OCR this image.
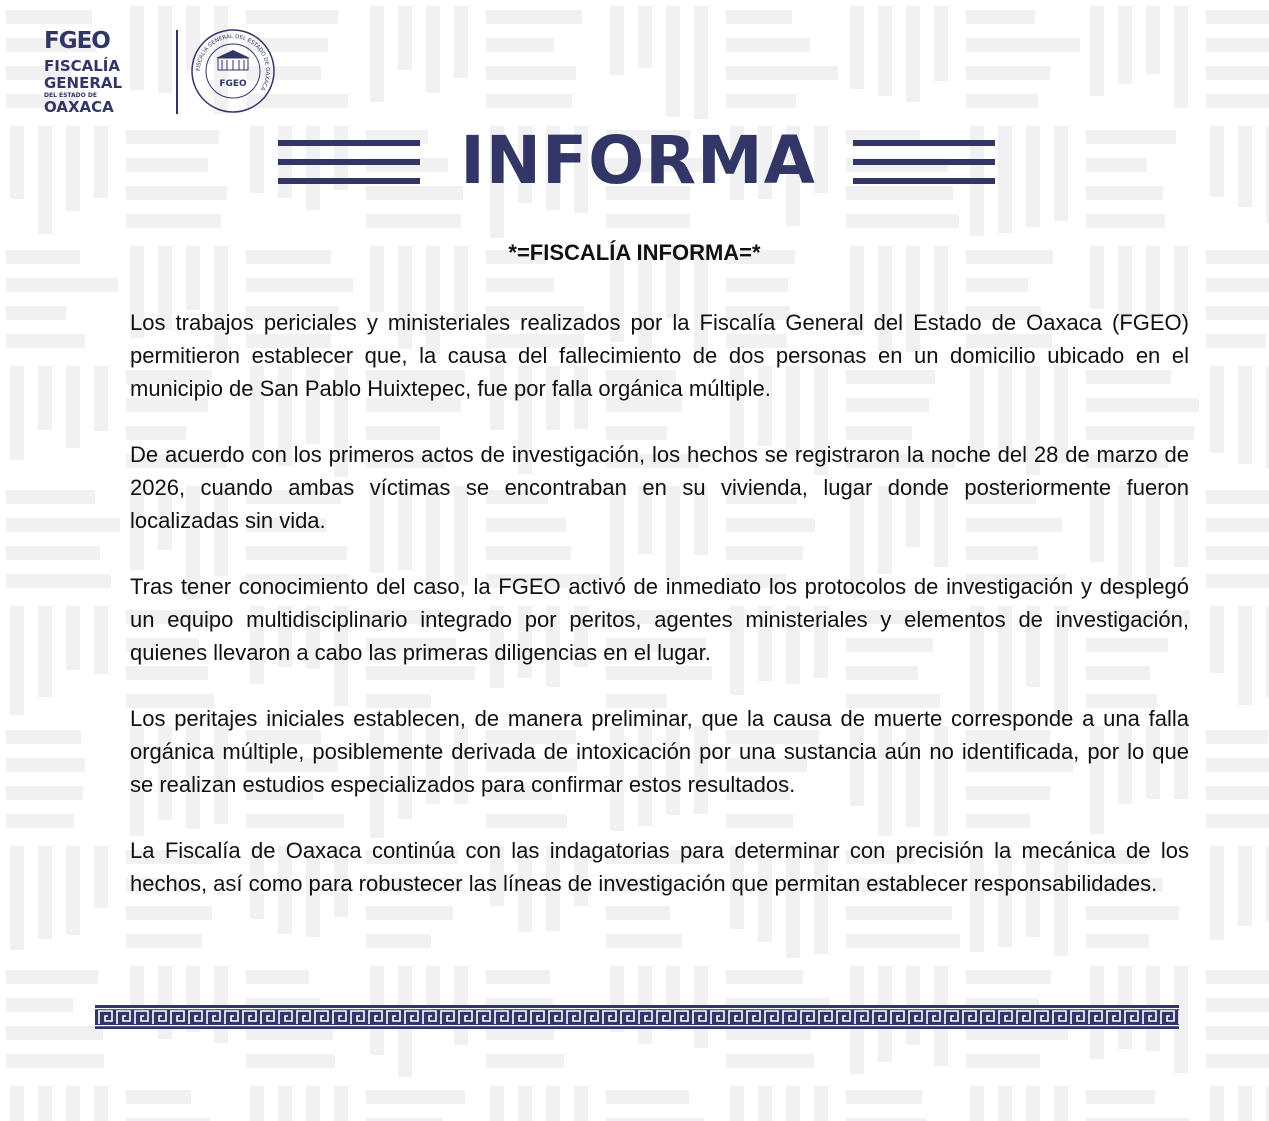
FGEO
FISCALÍA
GENERAL
DEL ESTADO DE
OAXACA
FISCALÍA GENERAL DEL ESTADO DE OAXACA
FGEO
INFORMA
*=FISCALÍA INFORMA=*

Los trabajos periciales y ministeriales realizados por la Fiscalía General del Estado de Oaxaca (FGEO) permitieron establecer que, la causa del fallecimiento de dos personas en un domicilio ubicado en el municipio de San Pablo Huixtepec, fue por falla orgánica múltiple.

De acuerdo con los primeros actos de investigación, los hechos se registraron la noche del 28 de marzo de 2026, cuando ambas víctimas se encontraban en su vivienda, lugar donde posteriormente fueron localizadas sin vida.

Tras tener conocimiento del caso, la FGEO activó de inmediato los protocolos de investigación y desplegó un equipo multidisciplinario integrado por peritos, agentes ministeriales y elementos de investigación, quienes llevaron a cabo las primeras diligencias en el lugar.

Los peritajes iniciales establecen, de manera preliminar, que la causa de muerte corresponde a una falla orgánica múltiple, posiblemente derivada de intoxicación por una sustancia aún no identificada, por lo que se realizan estudios especializados para confirmar estos resultados.

La Fiscalía de Oaxaca continúa con las indagatorias para determinar con precisión la mecánica de los hechos, así como para robustecer las líneas de investigación que permitan establecer responsabilidades.
